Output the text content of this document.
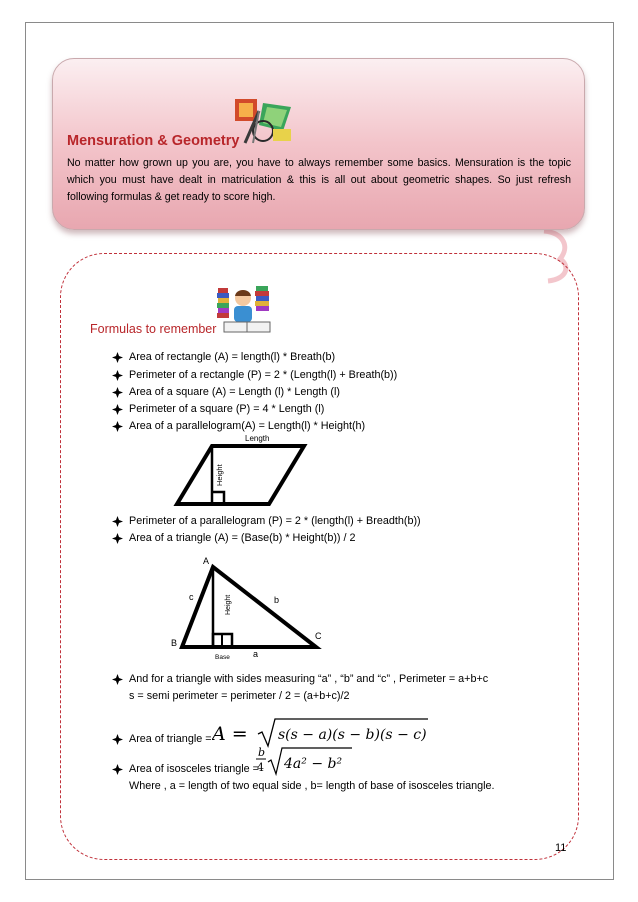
Mensuration & Geometry
No matter how grown up you are, you have to always remember some basics. Mensuration is the topic which you must have dealt in matriculation & this is all out about geometric shapes. So just refresh following formulas & get ready to score high.
Formulas to remember
Area of rectangle (A) = length(l) * Breath(b)
Perimeter of a rectangle (P) = 2 * (Length(l) + Breath(b))
Area of a square (A) = Length (l) * Length (l)
Perimeter of a square (P) = 4 * Length (l)
Area of a parallelogram(A) = Length(l) * Height(h)
Length
Height
Perimeter of a parallelogram (P) = 2 * (length(l) + Breadth(b))
Area of a triangle (A) = (Base(b) * Height(b)) / 2
A
B
C
c	b
a
Base
Height
And for a triangle with sides measuring “a” , “b” and “c” , Perimeter = a+b+c
s = semi perimeter = perimeter / 2 = (a+b+c)/2
Area of triangle = A = s(s − a)(s − b)(s − c)
Area of isosceles triangle =
b
4 4a² − b²
Where , a = length of two equal side , b= length of base of isosceles triangle.
11
